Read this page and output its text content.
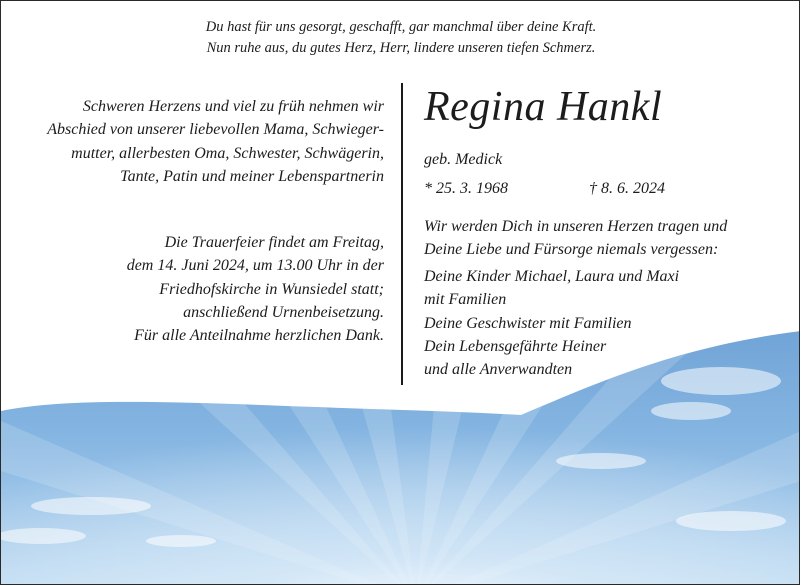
Du hast für uns gesorgt, geschafft, gar manchmal über deine Kraft.
Nun ruhe aus, du gutes Herz, Herr, lindere unseren tiefen Schmerz.
Schweren Herzens und viel zu früh nehmen wir
Abschied von unserer liebevollen Mama, Schwieger-
mutter, allerbesten Oma, Schwester, Schwägerin,
Tante, Patin und meiner Lebenspartnerin
Die Trauerfeier findet am Freitag,
dem 14. Juni 2024, um 13.00 Uhr in der
Friedhofskirche in Wunsiedel statt;
anschließend Urnenbeisetzung.
Für alle Anteilnahme herzlichen Dank.
Regina Hankl
geb. Medick
* 25. 3. 1968	† 8. 6. 2024
Wir werden Dich in unseren Herzen tragen und
Deine Liebe und Fürsorge niemals vergessen:
Deine Kinder Michael, Laura und Maxi
mit Familien
Deine Geschwister mit Familien
Dein Lebensgefährte Heiner
und alle Anverwandten
